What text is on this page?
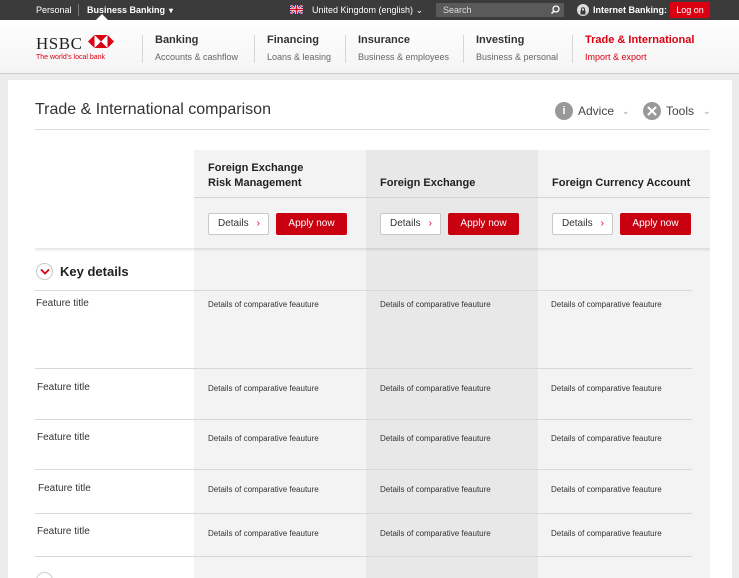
Personal Business Banking ▾	United Kingdom (english) ⌄	Search	Internet Banking:	Log on
HSBC
The world's local bank
Banking
Accounts & cashflow
Financing
Loans & leasing
Insurance
Business & employees
Investing
Business & personal
Trade & International
Import & export
Trade & International comparison	i	Advice ⌄	Tools ⌄
Foreign Exchange
Risk Management	Foreign Exchange	Foreign Currency Account
Details ›	Apply now	Details ›	Apply now	Details ›	Apply now
Key details
Feature title	Details of comparative feauture	Details of comparative feauture	Details of comparative feauture
Feature title	Details of comparative feauture	Details of comparative feauture	Details of comparative feauture
Feature title	Details of comparative feauture	Details of comparative feauture	Details of comparative feauture
Feature title	Details of comparative feauture	Details of comparative feauture	Details of comparative feauture
Feature title	Details of comparative feauture	Details of comparative feauture	Details of comparative feauture
